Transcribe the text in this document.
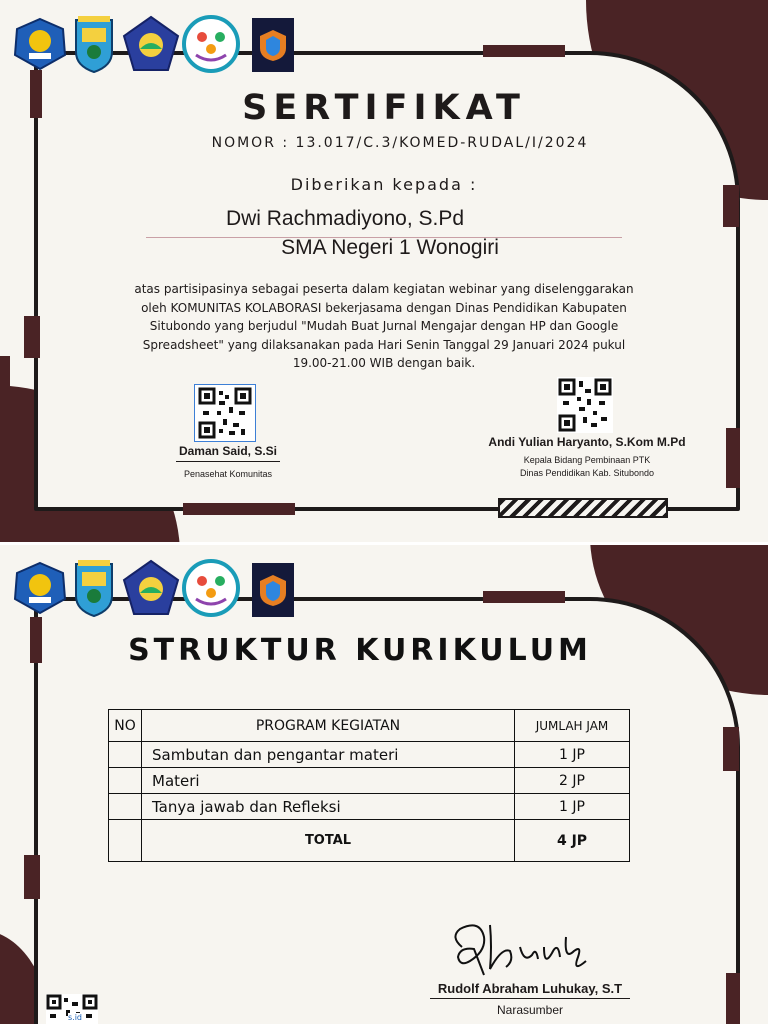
SERTIFIKAT
NOMOR : 13.017/C.3/KOMED-RUDAL/I/2024
Diberikan kepada :
Dwi Rachmadiyono, S.Pd
SMA Negeri 1 Wonogiri
atas partisipasinya sebagai peserta dalam kegiatan webinar yang diselenggarakan
oleh KOMUNITAS KOLABORASI bekerjasama dengan Dinas Pendidikan Kabupaten
Situbondo yang berjudul "Mudah Buat Jurnal Mengajar dengan HP dan Google
Spreadsheet" yang dilaksanakan pada Hari Senin Tanggal 29 Januari 2024 pukul
19.00-21.00 WIB dengan baik.
Daman Said, S.Si
Penasehat Komunitas
Andi Yulian Haryanto, S.Kom M.Pd
Kepala Bidang Pembinaan PTK
Dinas Pendidikan Kab. Situbondo
STRUKTUR KURIKULUM
NO	PROGRAM KEGIATAN	JUMLAH JAM
	Sambutan dan pengantar materi	1 JP
	Materi	2 JP
	Tanya jawab dan Refleksi	1 JP
	TOTAL	4 JP
Rudolf Abraham Luhukay, S.T
Narasumber
s.id
